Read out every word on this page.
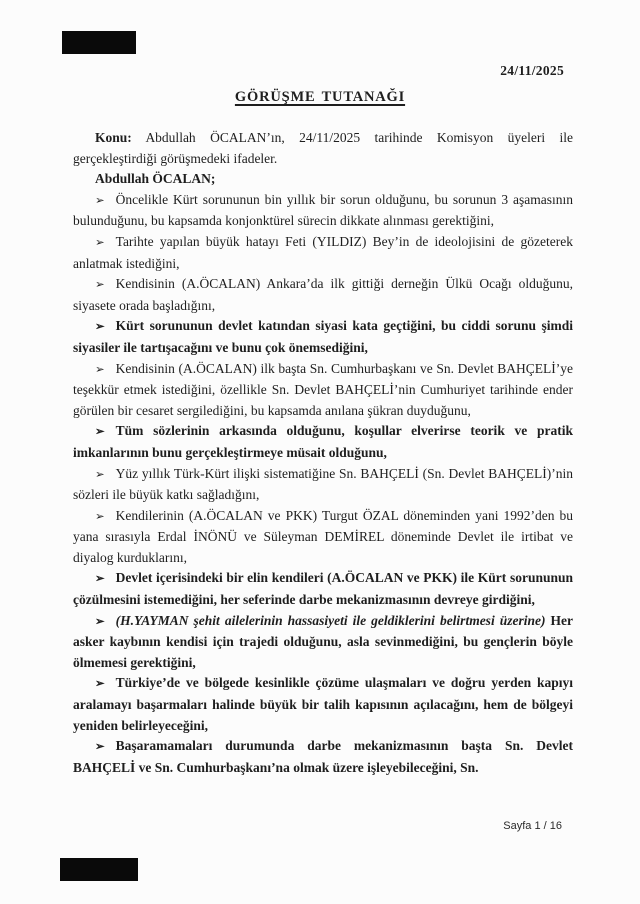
24/11/2025
GÖRÜŞME TUTANAĞI

Konu: Abdullah ÖCALAN’ın, 24/11/2025 tarihinde Komisyon üyeleri ile gerçekleştirdiği görüşmedeki ifadeler.

Abdullah ÖCALAN;

➢ Öncelikle Kürt sorununun bin yıllık bir sorun olduğunu, bu sorunun 3 aşamasının bulunduğunu, bu kapsamda konjonktürel sürecin dikkate alınması gerektiğini,

➢ Tarihte yapılan büyük hatayı Feti (YILDIZ) Bey’in de ideolojisini de gözeterek anlatmak istediğini,

➢ Kendisinin (A.ÖCALAN) Ankara’da ilk gittiği derneğin Ülkü Ocağı olduğunu, siyasete orada başladığını,

➢ Kürt sorununun devlet katından siyasi kata geçtiğini, bu ciddi sorunu şimdi siyasiler ile tartışacağını ve bunu çok önemsediğini,

➢ Kendisinin (A.ÖCALAN) ilk başta Sn. Cumhurbaşkanı ve Sn. Devlet BAHÇELİ’ye teşekkür etmek istediğini, özellikle Sn. Devlet BAHÇELİ’nin Cumhuriyet tarihinde ender görülen bir cesaret sergilediğini, bu kapsamda anılana şükran duyduğunu,

➢ Tüm sözlerinin arkasında olduğunu, koşullar elverirse teorik ve pratik imkanlarının bunu gerçekleştirmeye müsait olduğunu,

➢ Yüz yıllık Türk-Kürt ilişki sistematiğine Sn. BAHÇELİ (Sn. Devlet BAHÇELİ)’nin sözleri ile büyük katkı sağladığını,

➢ Kendilerinin (A.ÖCALAN ve PKK) Turgut ÖZAL döneminden yani 1992’den bu yana sırasıyla Erdal İNÖNÜ ve Süleyman DEMİREL döneminde Devlet ile irtibat ve diyalog kurduklarını,

➢ Devlet içerisindeki bir elin kendileri (A.ÖCALAN ve PKK) ile Kürt sorununun çözülmesini istemediğini, her seferinde darbe mekanizmasının devreye girdiğini,

➢ (H.YAYMAN şehit ailelerinin hassasiyeti ile geldiklerini belirtmesi üzerine) Her asker kaybının kendisi için trajedi olduğunu, asla sevinmediğini, bu gençlerin böyle ölmemesi gerektiğini,

➢ Türkiye’de ve bölgede kesinlikle çözüme ulaşmaları ve doğru yerden kapıyı aralamayı başarmaları halinde büyük bir talih kapısının açılacağını, hem de bölgeyi yeniden belirleyeceğini,

➢ Başaramamaları durumunda darbe mekanizmasının başta Sn. Devlet BAHÇELİ ve Sn. Cumhurbaşkanı’na olmak üzere işleyebileceğini, Sn.

Sayfa 1 / 16
